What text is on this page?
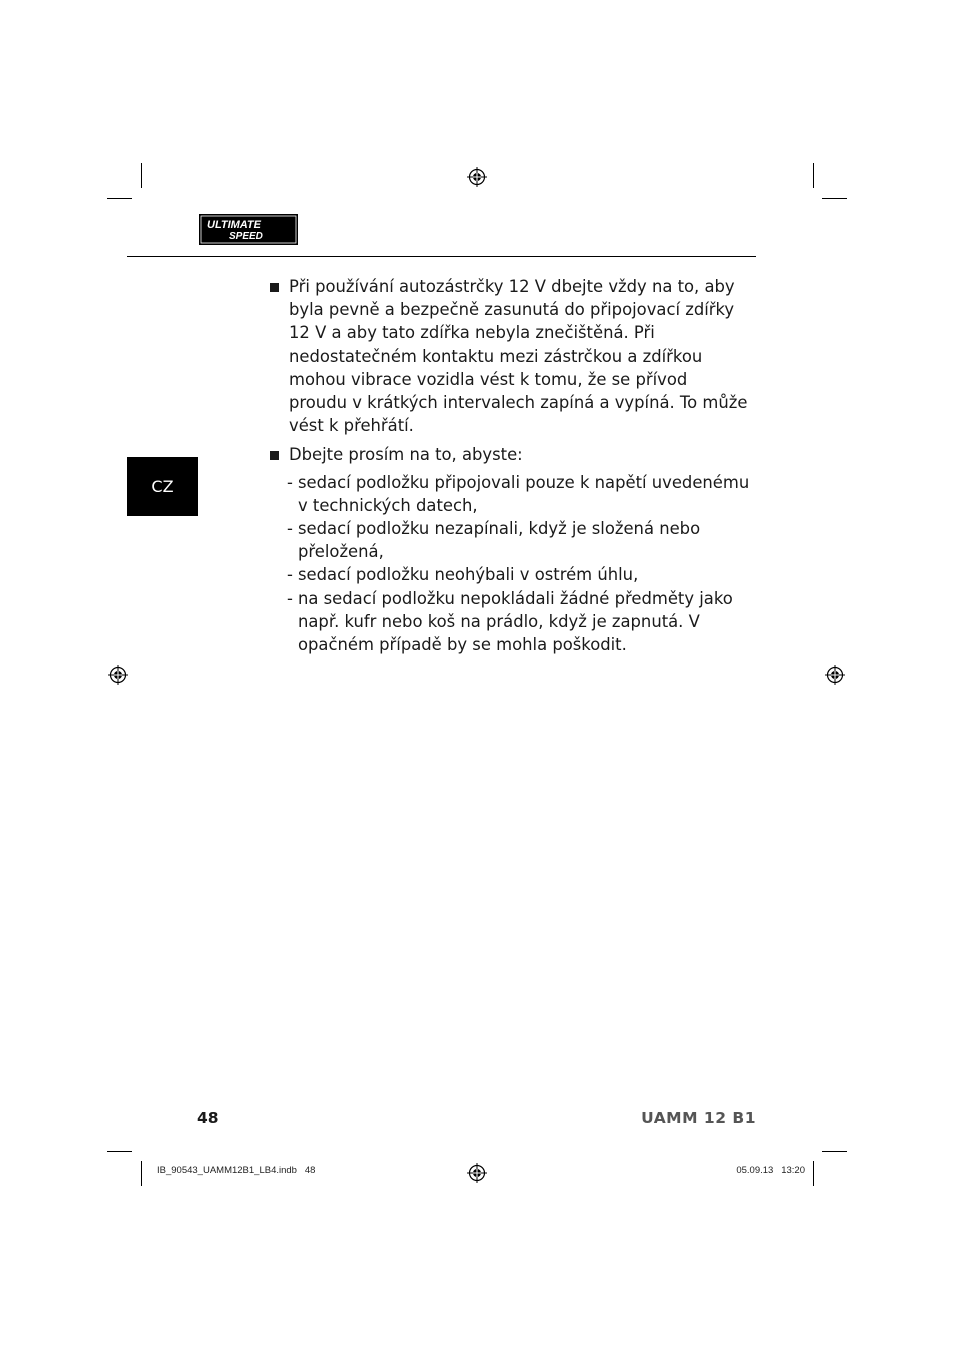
ULTIMATE
SPEED
CZ
Při používání autozástrčky 12 V dbejte vždy na to, aby byla pevně a bezpečně zasunutá do připojovací zdířky 12 V a aby tato zdířka nebyla znečištěná. Při nedostatečném kontaktu mezi zástrčkou a zdířkou mohou vibrace vozidla vést k tomu, že se přívod proudu v krátkých intervalech zapíná a vypíná. To může vést k přehřátí.
Dbejte prosím na to, abyste:
- sedací podložku připojovali pouze k napětí uvedenému v technických datech,
- sedací podložku nezapínali, když je složená nebo přeložená,
- sedací podložku neohýbali v ostrém úhlu,
- na sedací podložku nepokládali žádné předměty jako např. kufr nebo koš na prádlo, když je zapnutá. V opačném případě by se mohla poškodit.
48	UAMM 12 B1
IB_90543_UAMM12B1_LB4.indb   48	05.09.13   13:20
